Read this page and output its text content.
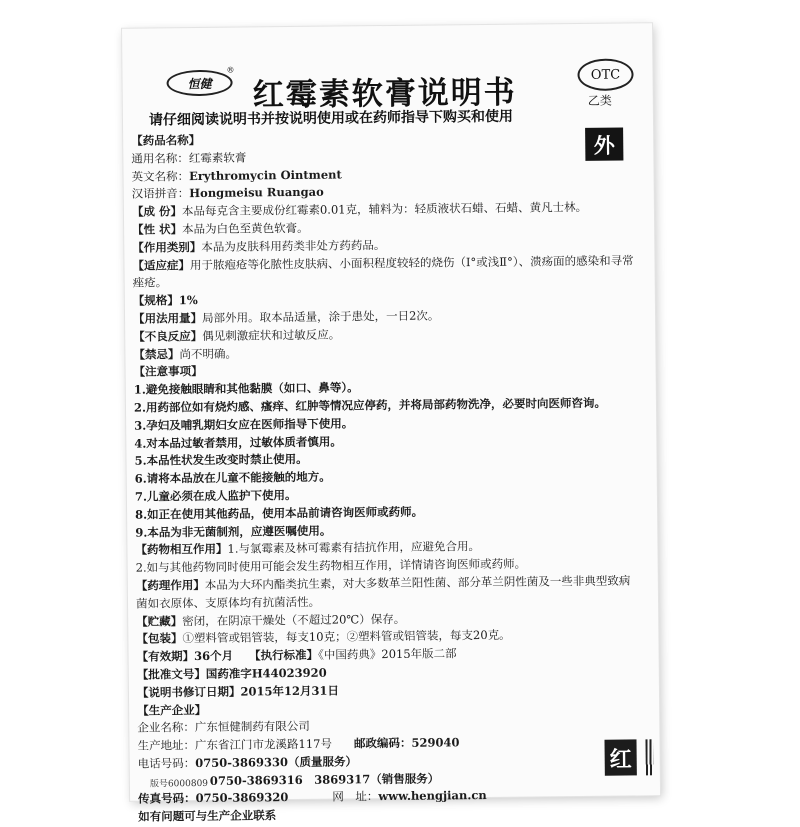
恒健
®
红霉素软膏说明书	OTC
乙类
请仔细阅读说明书并按说明使用或在药师指导下购买和使用
外
【药品名称】
通用名称：红霉素软膏
英文名称：Erythromycin Ointment
汉语拼音：Hongmeisu Ruangao
【成 份】本品每克含主要成份红霉素0.01克，辅料为：轻质液状石蜡、石蜡、黄凡士林。
【性 状】本品为白色至黄色软膏。
【作用类别】本品为皮肤科用药类非处方药药品。
【适应症】用于脓疱疮等化脓性皮肤病、小面积程度较轻的烧伤（Ⅰ°或浅Ⅱ°）、溃疡面的感染和寻常痤疮。
【规格】1%
【用法用量】局部外用。取本品适量，涂于患处，一日2次。
【不良反应】偶见刺激症状和过敏反应。
【禁忌】尚不明确。
【注意事项】
1.避免接触眼睛和其他黏膜（如口、鼻等）。
2.用药部位如有烧灼感、瘙痒、红肿等情况应停药，并将局部药物洗净，必要时向医师咨询。
3.孕妇及哺乳期妇女应在医师指导下使用。
4.对本品过敏者禁用，过敏体质者慎用。
5.本品性状发生改变时禁止使用。
6.请将本品放在儿童不能接触的地方。
7.儿童必须在成人监护下使用。
8.如正在使用其他药品，使用本品前请咨询医师或药师。
9.本品为非无菌制剂，应遵医嘱使用。
【药物相互作用】1.与氯霉素及林可霉素有拮抗作用，应避免合用。
2.如与其他药物同时使用可能会发生药物相互作用，详情请咨询医师或药师。
【药理作用】本品为大环内酯类抗生素，对大多数革兰阳性菌、部分革兰阴性菌及一些非典型致病菌如衣原体、支原体均有抗菌活性。
【贮藏】密闭，在阴凉干燥处（不超过20℃）保存。
【包装】①塑料管或铝管装，每支10克；②塑料管或铝管装，每支20克。
【有效期】36个月 【执行标准】《中国药典》2015年版二部
【批准文号】国药准字H44023920
【说明书修订日期】2015年12月31日
【生产企业】
企业名称：广东恒健制药有限公司
生产地址：广东省江门市龙溪路117号 邮政编码：529040
电话号码：0750-3869330（质量服务）
0750-3869316　3869317（销售服务）
传真号码：0750-3869320	网　址：www.hengjian.cn
如有问题可与生产企业联系
红
版号6000809
